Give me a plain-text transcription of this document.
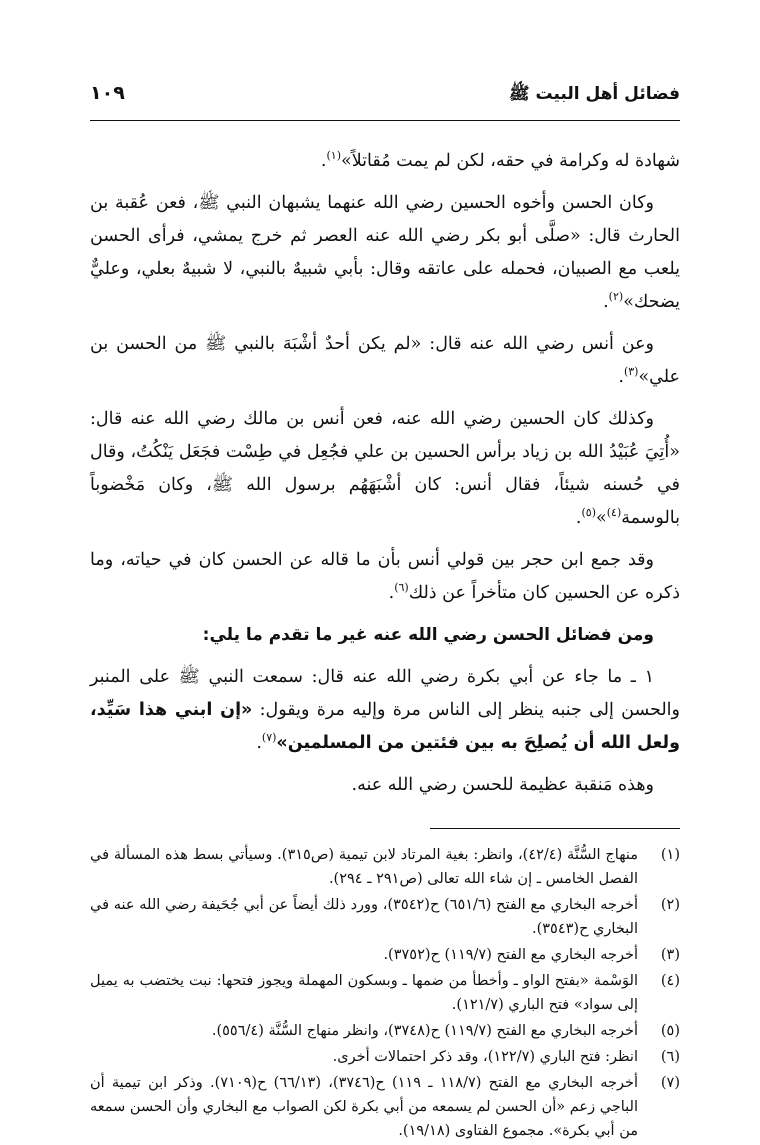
فضائل أهل البيت ﷺ
١٠٩

شهادة له وكرامة في حقه، لكن لم يمت مُقاتلاً»$^{(١)}$.

وكان الحسن وأخوه الحسين رضي الله عنهما يشبهان النبي ﷺ، فعن عُقبة بن الحارث قال: «صلَّى أبو بكر رضي الله عنه العصر ثم خرج يمشي، فرأى الحسن يلعب مع الصبيان، فحمله على عاتقه وقال: بأبي شبيهٌ بالنبي، لا شبيهٌ بعلي، وعليٌّ يضحك»$^{(٢)}$.

وعن أنس رضي الله عنه قال: «لم يكن أحدٌ أشْبَهَ بالنبي ﷺ من الحسن بن علي»$^{(٣)}$.

وكذلك كان الحسين رضي الله عنه، فعن أنس بن مالك رضي الله عنه قال: «أُتِيَ عُبَيْدُ الله بن زياد برأس الحسين بن علي فجُعِل في طِسْت فجَعَل يَنْكُتُ، وقال في حُسنه شيئاً، فقال أنس: كان أشْبَهَهُم برسول الله ﷺ، وكان مَخْضوباً بالوسمة$^{(٤)}$»$^{(٥)}$.

وقد جمع ابن حجر بين قولي أنس بأن ما قاله عن الحسن كان في حياته، وما ذكره عن الحسين كان متأخراً عن ذلك$^{(٦)}$.

ومن فضائل الحسن رضي الله عنه غير ما تقدم ما يلي:

١ ـ ما جاء عن أبي بكرة رضي الله عنه قال: سمعت النبي ﷺ على المنبر والحسن إلى جنبه ينظر إلى الناس مرة وإليه مرة ويقول: «إن ابني هذا سَيِّد، ولعل الله أن يُصلِحَ به بين فئتين من المسلمين»$^{(٧)}$.

وهذه مَنقبة عظيمة للحسن رضي الله عنه.

(١)
منهاج السُّنَّة (٤٢/٤)، وانظر: بغية المرتاد لابن تيمية (ص٣١٥). وسيأتي بسط هذه المسألة في الفصل الخامس ـ إن شاء الله تعالى (ص٢٩١ ـ ٢٩٤).
(٢)
أخرجه البخاري مع الفتح (٦٥١/٦) ح(٣٥٤٢)، وورد ذلك أيضاً عن أبي جُحَيفة رضي الله عنه في البخاري ح(٣٥٤٣).
(٣)
أخرجه البخاري مع الفتح (١١٩/٧) ح(٣٧٥٢).
(٤)
الوَسْمة «بفتح الواو ـ وأخطأ من ضمها ـ وبسكون المهملة ويجوز فتحها: نبت يختضب به يميل إلى سواد» فتح الباري (١٢١/٧).
(٥)
أخرجه البخاري مع الفتح (١١٩/٧) ح(٣٧٤٨)، وانظر منهاج السُّنَّة (٥٥٦/٤).
(٦)
انظر: فتح الباري (١٢٢/٧)، وقد ذكر احتمالات أخرى.
(٧)
أخرجه البخاري مع الفتح (١١٨/٧ ـ ١١٩) ح(٣٧٤٦)، (٦٦/١٣) ح(٧١٠٩). وذكر ابن تيمية أن الباجي زعم «أن الحسن لم يسمعه من أبي بكرة لكن الصواب مع البخاري وأن الحسن سمعه من أبي بكرة». مجموع الفتاوى (١٩/١٨).
